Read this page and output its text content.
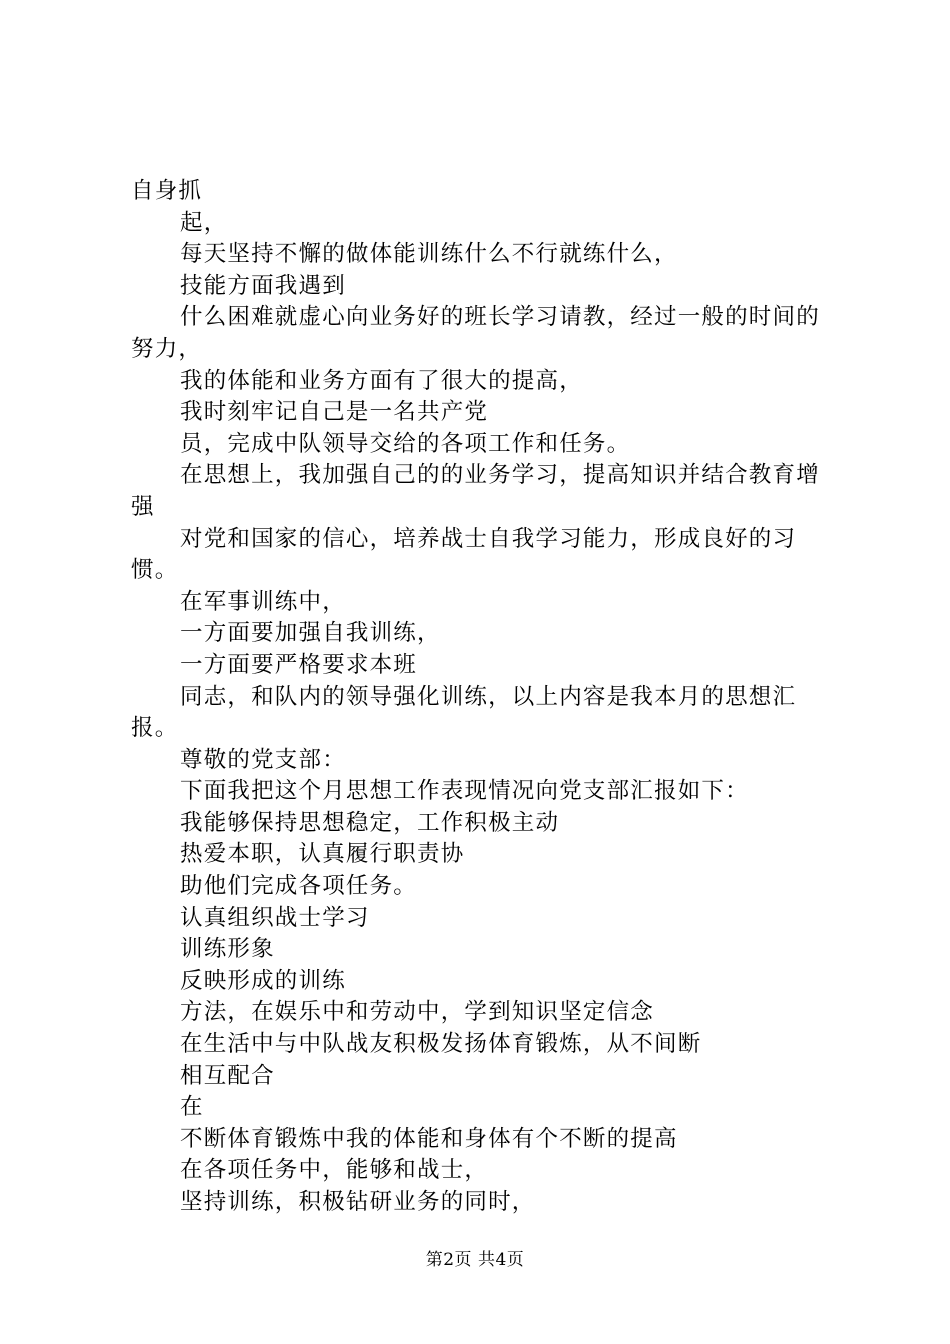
自身抓

起，

每天坚持不懈的做体能训练什么不行就练什么，

技能方面我遇到

什么困难就虚心向业务好的班长学习请教，经过一般的时间的努力，

我的体能和业务方面有了很大的提高，

我时刻牢记自己是一名共产党

员，完成中队领导交给的各项工作和任务。

在思想上，我加强自己的的业务学习，提高知识并结合教育增强

对党和国家的信心，培养战士自我学习能力，形成良好的习惯。

在军事训练中，

一方面要加强自我训练，

一方面要严格要求本班

同志，和队内的领导强化训练，以上内容是我本月的思想汇报。

尊敬的党支部：

下面我把这个月思想工作表现情况向党支部汇报如下：

我能够保持思想稳定，工作积极主动

热爱本职，认真履行职责协

助他们完成各项任务。

认真组织战士学习

训练形象

反映形成的训练

方法，在娱乐中和劳动中，学到知识坚定信念

在生活中与中队战友积极发扬体育锻炼，从不间断

相互配合

在

不断体育锻炼中我的体能和身体有个不断的提高

在各项任务中，能够和战士，

坚持训练，积极钻研业务的同时，

第2页 共4页
